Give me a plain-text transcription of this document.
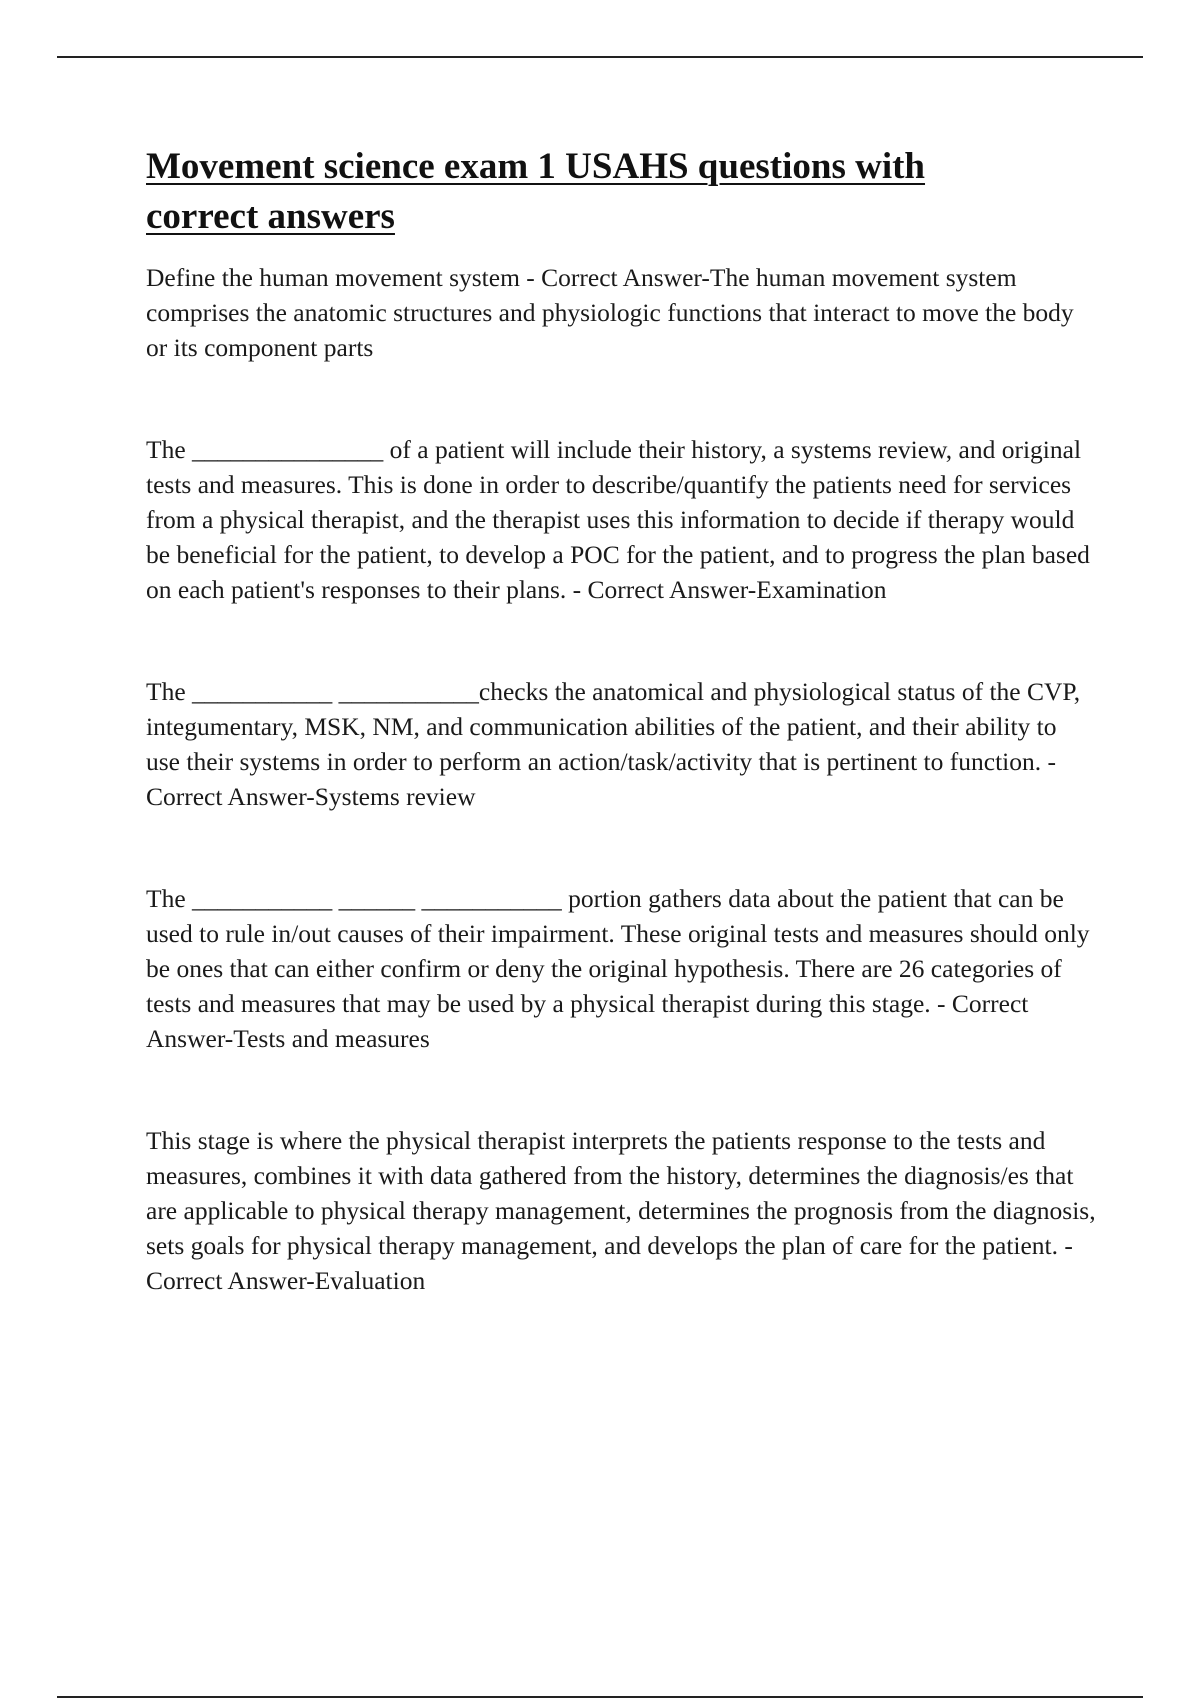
Movement science exam 1 USAHS questions with correct answers

Define the human movement system - Correct Answer-The human movement system comprises the anatomic structures and physiologic functions that interact to move the body or its component parts

The _______________ of a patient will include their history, a systems review, and original tests and measures. This is done in order to describe/quantify the patients need for services from a physical therapist, and the therapist uses this information to decide if therapy would be beneficial for the patient, to develop a POC for the patient, and to progress the plan based on each patient's responses to their plans. - Correct Answer-Examination

The ___________ ___________checks the anatomical and physiological status of the CVP, integumentary, MSK, NM, and communication abilities of the patient, and their ability to use their systems in order to perform an action/task/activity that is pertinent to function. - Correct Answer-Systems review

The ___________ ______ ___________ portion gathers data about the patient that can be used to rule in/out causes of their impairment. These original tests and measures should only be ones that can either confirm or deny the original hypothesis. There are 26 categories of tests and measures that may be used by a physical therapist during this stage. - Correct Answer-Tests and measures

This stage is where the physical therapist interprets the patients response to the tests and measures, combines it with data gathered from the history, determines the diagnosis/es that are applicable to physical therapy management, determines the prognosis from the diagnosis, sets goals for physical therapy management, and develops the plan of care for the patient. - Correct Answer-Evaluation
